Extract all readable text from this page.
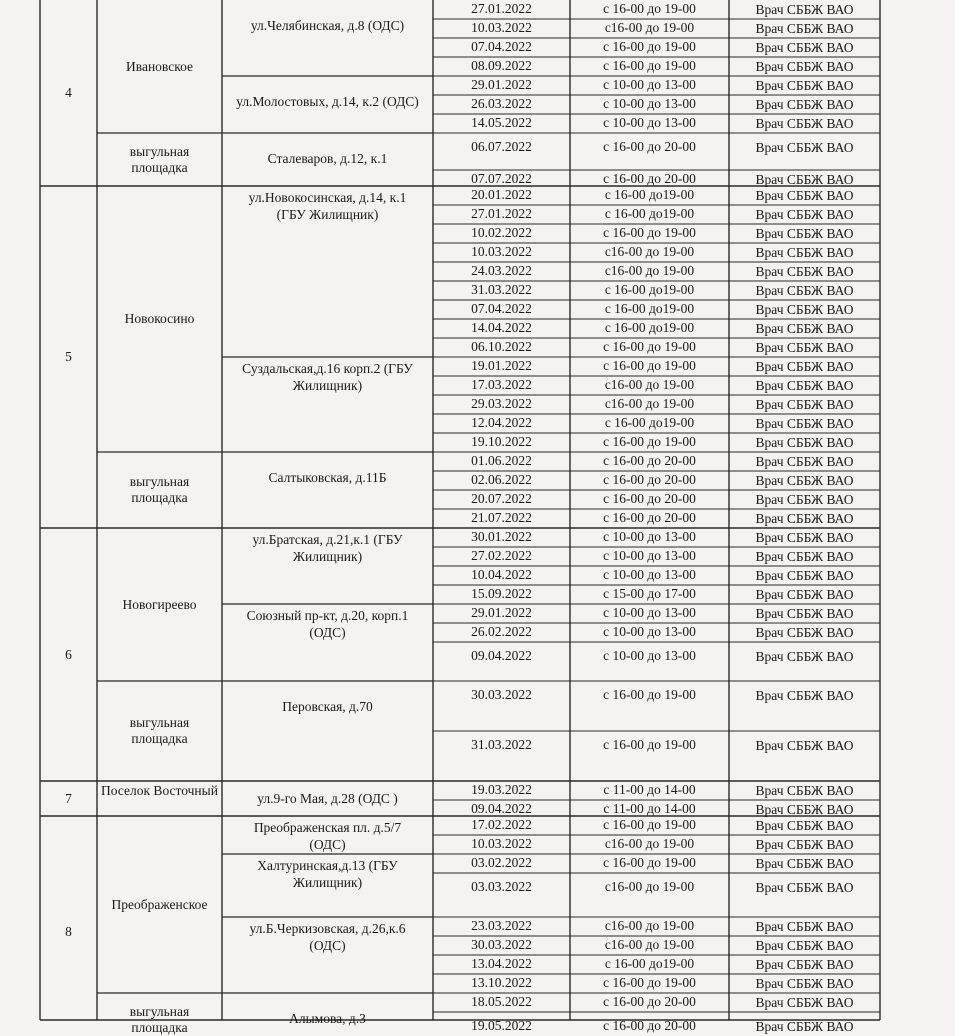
4
Ивановское
ул.Челябинская, д.8 (ОДС)
27.01.2022	с 16-00 до 19-00	Врач СББЖ ВАО
10.03.2022	с16-00 до 19-00	Врач СББЖ ВАО
07.04.2022	с 16-00 до 19-00	Врач СББЖ ВАО
08.09.2022	с 16-00 до 19-00	Врач СББЖ ВАО
ул.Молостовых, д.14, к.2 (ОДС)
29.01.2022	с 10-00 до 13-00	Врач СББЖ ВАО
26.03.2022	с 10-00 до 13-00	Врач СББЖ ВАО
14.05.2022	с 10-00 до 13-00	Врач СББЖ ВАО
Сталеваров, д.12, к.1
выгульная площадка
06.07.2022	с 16-00 до 20-00	Врач СББЖ ВАО
07.07.2022	с 16-00 до 20-00	Врач СББЖ ВАО
5
Новокосино
ул.Новокосинская, д.14, к.1
(ГБУ Жилищник)
20.01.2022	с 16-00 до19-00	Врач СББЖ ВАО
27.01.2022	с 16-00 до19-00	Врач СББЖ ВАО
10.02.2022	с 16-00 до 19-00	Врач СББЖ ВАО
10.03.2022	с16-00 до 19-00	Врач СББЖ ВАО
24.03.2022	с16-00 до 19-00	Врач СББЖ ВАО
31.03.2022	с 16-00 до19-00	Врач СББЖ ВАО
07.04.2022	с 16-00 до19-00	Врач СББЖ ВАО
14.04.2022	с 16-00 до19-00	Врач СББЖ ВАО
06.10.2022	с 16-00 до 19-00	Врач СББЖ ВАО
Суздальская,д.16 корп.2 (ГБУ
Жилищник)
19.01.2022	с 16-00 до 19-00	Врач СББЖ ВАО
17.03.2022	с16-00 до 19-00	Врач СББЖ ВАО
29.03.2022	с16-00 до 19-00	Врач СББЖ ВАО
12.04.2022	с 16-00 до19-00	Врач СББЖ ВАО
19.10.2022	с 16-00 до 19-00	Врач СББЖ ВАО
Салтыковская, д.11Б
выгульная площадка
01.06.2022	с 16-00 до 20-00	Врач СББЖ ВАО
02.06.2022	с 16-00 до 20-00	Врач СББЖ ВАО
20.07.2022	с 16-00 до 20-00	Врач СББЖ ВАО
21.07.2022	с 16-00 до 20-00	Врач СББЖ ВАО
6
Новогиреево
ул.Братская, д.21,к.1 (ГБУ
Жилищник)
30.01.2022	с 10-00 до 13-00	Врач СББЖ ВАО
27.02.2022	с 10-00 до 13-00	Врач СББЖ ВАО
10.04.2022	с 10-00 до 13-00	Врач СББЖ ВАО
15.09.2022	с 15-00 до 17-00	Врач СББЖ ВАО
Союзный пр-кт, д.20, корп.1
(ОДС)
29.01.2022	с 10-00 до 13-00	Врач СББЖ ВАО
26.02.2022	с 10-00 до 13-00	Врач СББЖ ВАО
09.04.2022	с 10-00 до 13-00	Врач СББЖ ВАО
Перовская, д.70
выгульная площадка
30.03.2022	с 16-00 до 19-00	Врач СББЖ ВАО
31.03.2022	с 16-00 до 19-00	Врач СББЖ ВАО
7	Поселок Восточный	ул.9-го Мая, д.28 (ОДС )
19.03.2022	с 11-00 до 14-00	Врач СББЖ ВАО
09.04.2022	с 11-00 до 14-00	Врач СББЖ ВАО
8
Преображенское
Преображенская пл. д.5/7
(ОДС)
17.02.2022	с 16-00 до 19-00	Врач СББЖ ВАО
10.03.2022	с16-00 до 19-00	Врач СББЖ ВАО
Халтуринская,д.13 (ГБУ
Жилищник)
03.02.2022	с 16-00 до 19-00	Врач СББЖ ВАО
03.03.2022	с16-00 до 19-00	Врач СББЖ ВАО
ул.Б.Черкизовская, д.26,к.6
(ОДС)
23.03.2022	с16-00 до 19-00	Врач СББЖ ВАО
30.03.2022	с16-00 до 19-00	Врач СББЖ ВАО
13.04.2022	с 16-00 до19-00	Врач СББЖ ВАО
13.10.2022	с 16-00 до 19-00	Врач СББЖ ВАО
Алымова, д.3
выгульная площадка
18.05.2022	с 16-00 до 20-00	Врач СББЖ ВАО
19.05.2022	с 16-00 до 20-00	Врач СББЖ ВАО
